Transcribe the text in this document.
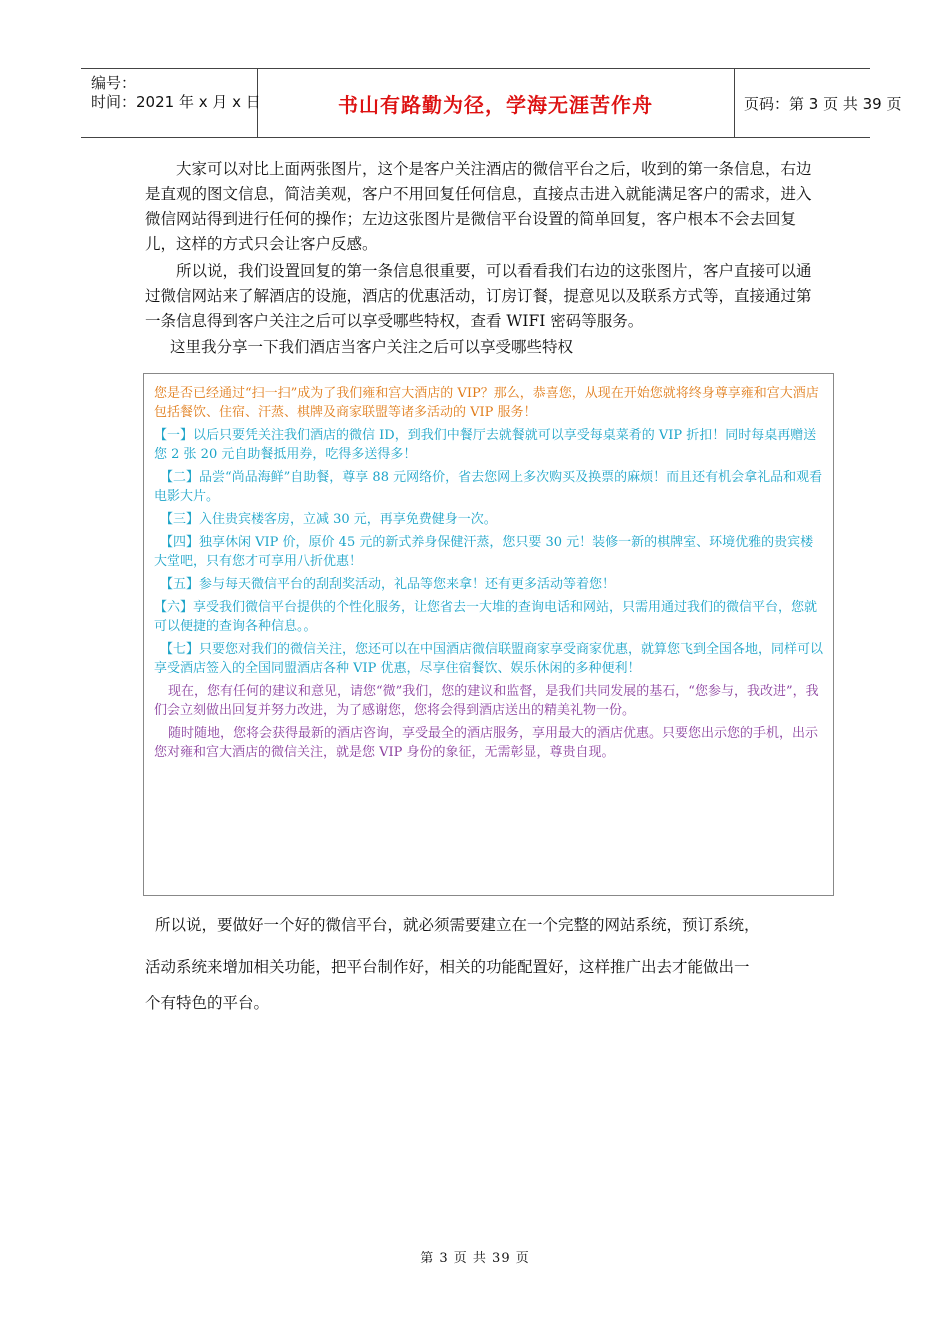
编号：
时间：2021 年 x 月 x 日	书山有路勤为径，学海无涯苦作舟	页码：第 3 页 共 39 页

大家可以对比上面两张图片，这个是客户关注酒店的微信平台之后，收到的第一条信息，右边是直观的图文信息，简洁美观，客户不用回复任何信息，直接点击进入就能满足客户的需求，进入微信网站得到进行任何的操作；左边这张图片是微信平台设置的简单回复，客户根本不会去回复儿，这样的方式只会让客户反感。

所以说，我们设置回复的第一条信息很重要，可以看看我们右边的这张图片，客户直接可以通过微信网站来了解酒店的设施，酒店的优惠活动，订房订餐，提意见以及联系方式等，直接通过第一条信息得到客户关注之后可以享受哪些特权，查看 WIFI 密码等服务。

这里我分享一下我们酒店当客户关注之后可以享受哪些特权

您是否已经通过“扫一扫”成为了我们雍和宫大酒店的 VIP？那么，恭喜您，从现在开始您就将终身尊享雍和宫大酒店包括餐饮、住宿、汗蒸、棋牌及商家联盟等诸多活动的 VIP 服务！

【一】以后只要凭关注我们酒店的微信 ID，到我们中餐厅去就餐就可以享受每桌菜肴的 VIP 折扣！同时每桌再赠送您 2 张 20 元自助餐抵用券，吃得多送得多！

【二】品尝“尚品海鲜”自助餐，尊享 88 元网络价，省去您网上多次购买及换票的麻烦！而且还有机会拿礼品和观看电影大片。

【三】入住贵宾楼客房，立减 30 元，再享免费健身一次。

【四】独享休闲 VIP 价，原价 45 元的新式养身保健汗蒸，您只要 30 元！装修一新的棋牌室、环境优雅的贵宾楼大堂吧，只有您才可享用八折优惠！

【五】参与每天微信平台的刮刮奖活动，礼品等您来拿！还有更多活动等着您！

【六】享受我们微信平台提供的个性化服务，让您省去一大堆的查询电话和网站，只需用通过我们的微信平台，您就可以便捷的查询各种信息。。

【七】只要您对我们的微信关注，您还可以在中国酒店微信联盟商家享受商家优惠，就算您飞到全国各地，同样可以享受酒店签入的全国同盟酒店各种 VIP 优惠，尽享住宿餐饮、娱乐休闲的多种便利！

现在，您有任何的建议和意见，请您“微”我们，您的建议和监督，是我们共同发展的基石，“您参与，我改进”，我们会立刻做出回复并努力改进，为了感谢您，您将会得到酒店送出的精美礼物一份。

随时随地，您将会获得最新的酒店咨询，享受最全的酒店服务，享用最大的酒店优惠。只要您出示您的手机，出示您对雍和宫大酒店的微信关注，就是您 VIP 身份的象征，无需彰显，尊贵自现。

所以说，要做好一个好的微信平台，就必须需要建立在一个完整的网站系统，预订系统，

活动系统来增加相关功能，把平台制作好，相关的功能配置好，这样推广出去才能做出一

个有特色的平台。

第 3 页 共 39 页
